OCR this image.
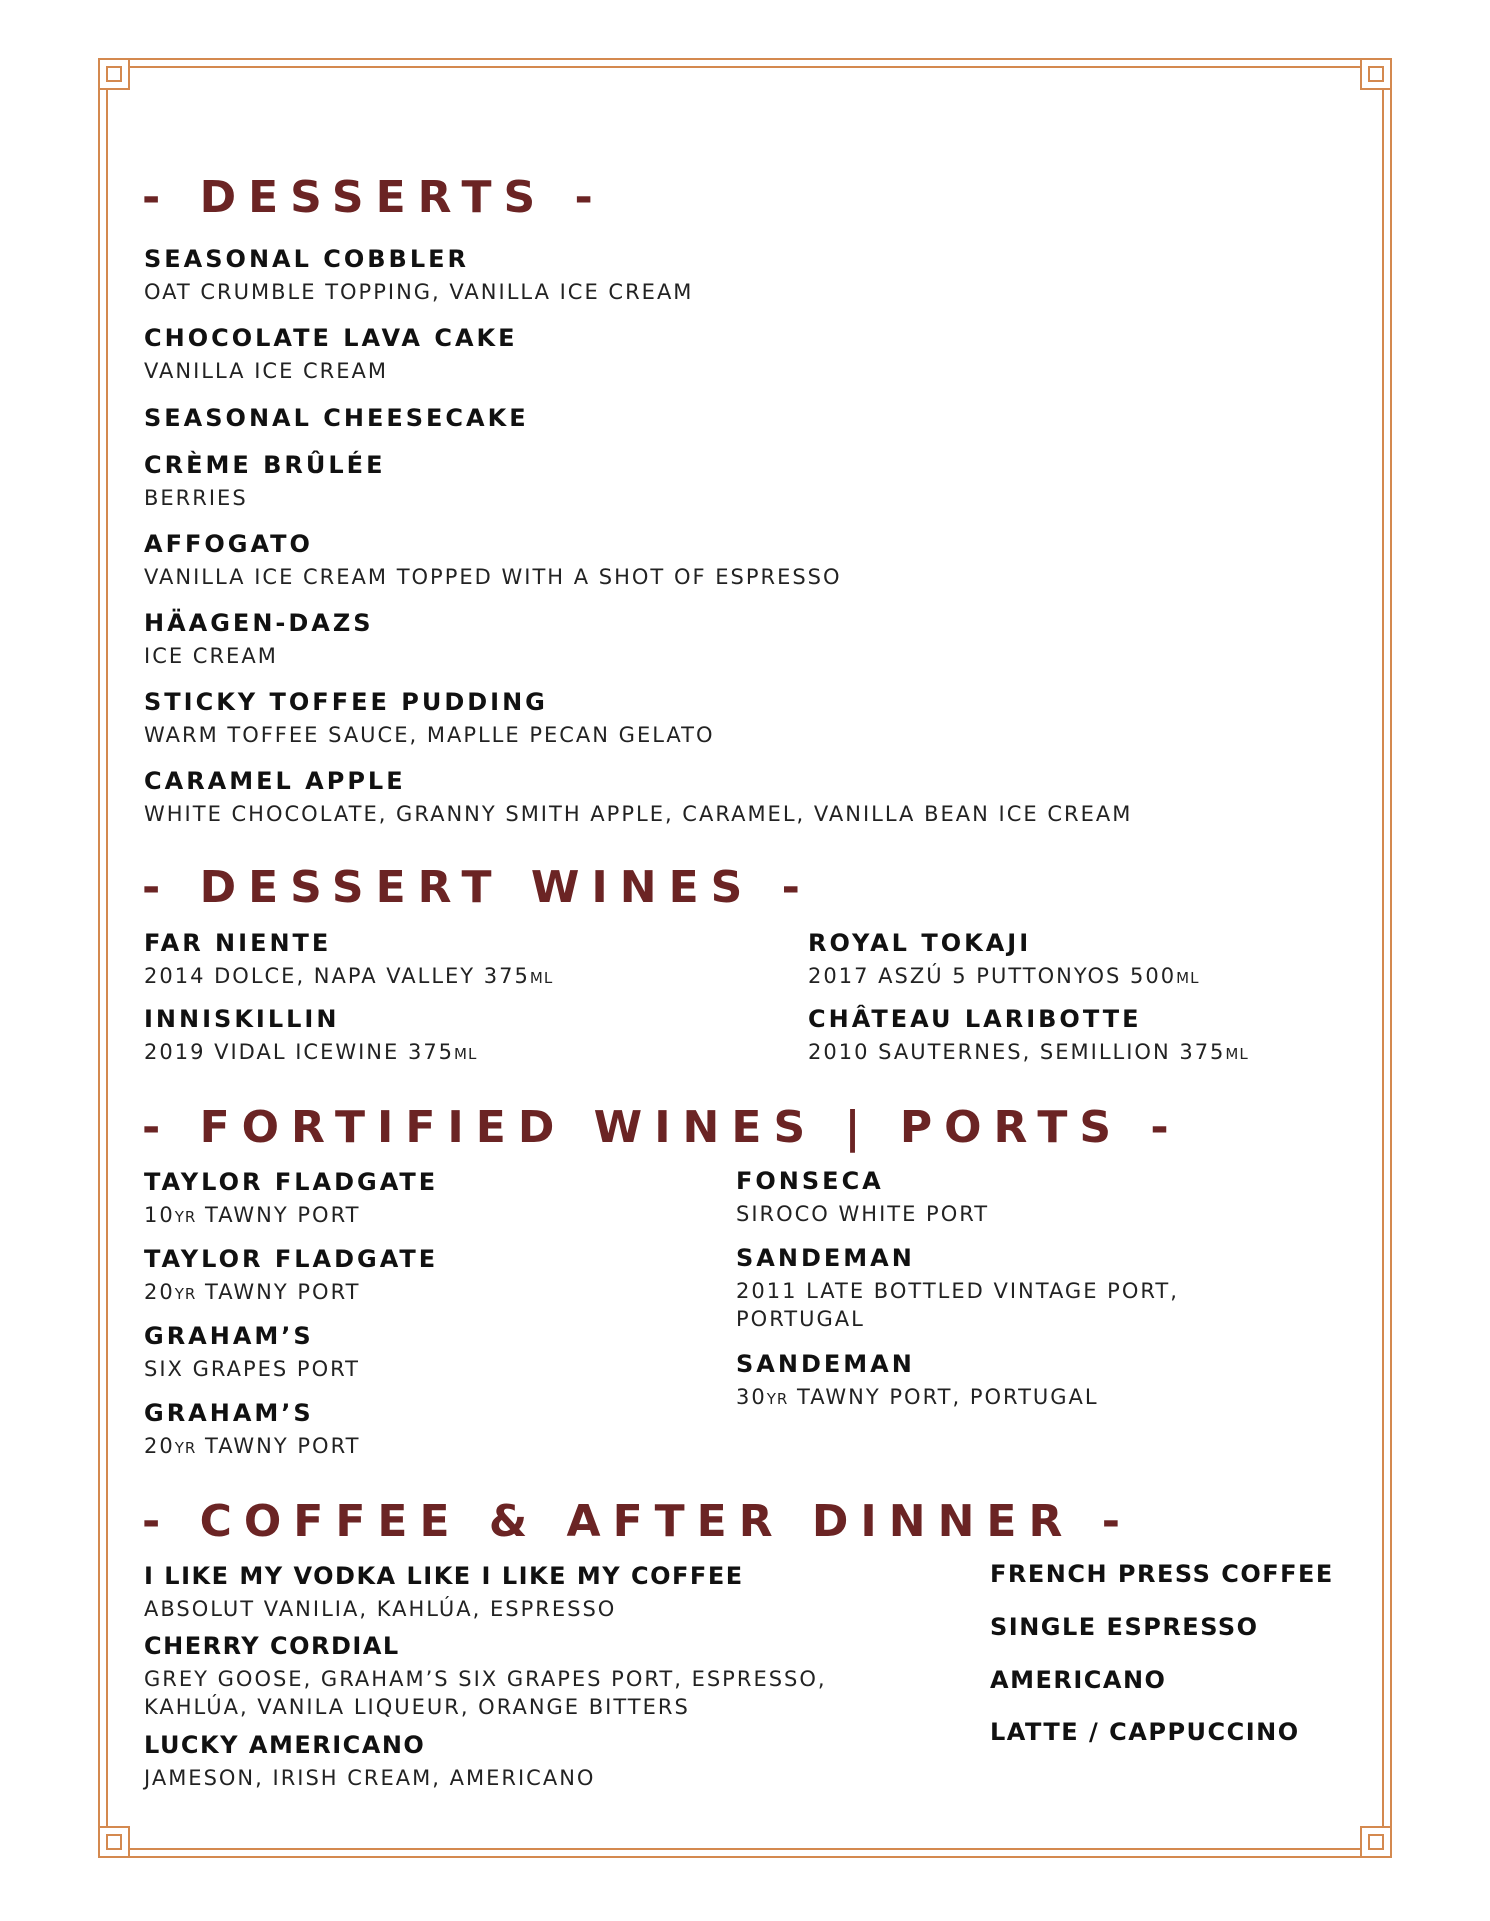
- DESSERTS -
SEASONAL COBBLER
OAT CRUMBLE TOPPING, VANILLA ICE CREAM
CHOCOLATE LAVA CAKE
VANILLA ICE CREAM
SEASONAL CHEESECAKE
CRÈME BRÛLÉE
BERRIES
AFFOGATO
VANILLA ICE CREAM TOPPED WITH A SHOT OF ESPRESSO
HÄAGEN-DAZS
ICE CREAM
STICKY TOFFEE PUDDING
WARM TOFFEE SAUCE, MAPLLE PECAN GELATO
CARAMEL APPLE
WHITE CHOCOLATE, GRANNY SMITH APPLE, CARAMEL, VANILLA BEAN ICE CREAM
- DESSERT WINES -
FAR NIENTE
2014 DOLCE, NAPA VALLEY 375ML
INNISKILLIN
2019 VIDAL ICEWINE 375ML
ROYAL TOKAJI
2017 ASZÚ 5 PUTTONYOS 500ML
CHÂTEAU LARIBOTTE
2010 SAUTERNES, SEMILLION 375ML
- FORTIFIED WINES | PORTS -
TAYLOR FLADGATE
10YR TAWNY PORT
TAYLOR FLADGATE
20YR TAWNY PORT
GRAHAM’S
SIX GRAPES PORT
GRAHAM’S
20YR TAWNY PORT
FONSECA
SIROCO WHITE PORT
SANDEMAN
2011 LATE BOTTLED VINTAGE PORT,
PORTUGAL
SANDEMAN
30YR TAWNY PORT, PORTUGAL
- COFFEE & AFTER DINNER -
I LIKE MY VODKA LIKE I LIKE MY COFFEE
ABSOLUT VANILIA, KAHLÚA, ESPRESSO
CHERRY CORDIAL
GREY GOOSE, GRAHAM’S SIX GRAPES PORT, ESPRESSO,
KAHLÚA, VANILA LIQUEUR, ORANGE BITTERS
LUCKY AMERICANO
JAMESON, IRISH CREAM, AMERICANO
FRENCH PRESS COFFEE
SINGLE ESPRESSO
AMERICANO
LATTE / CAPPUCCINO
